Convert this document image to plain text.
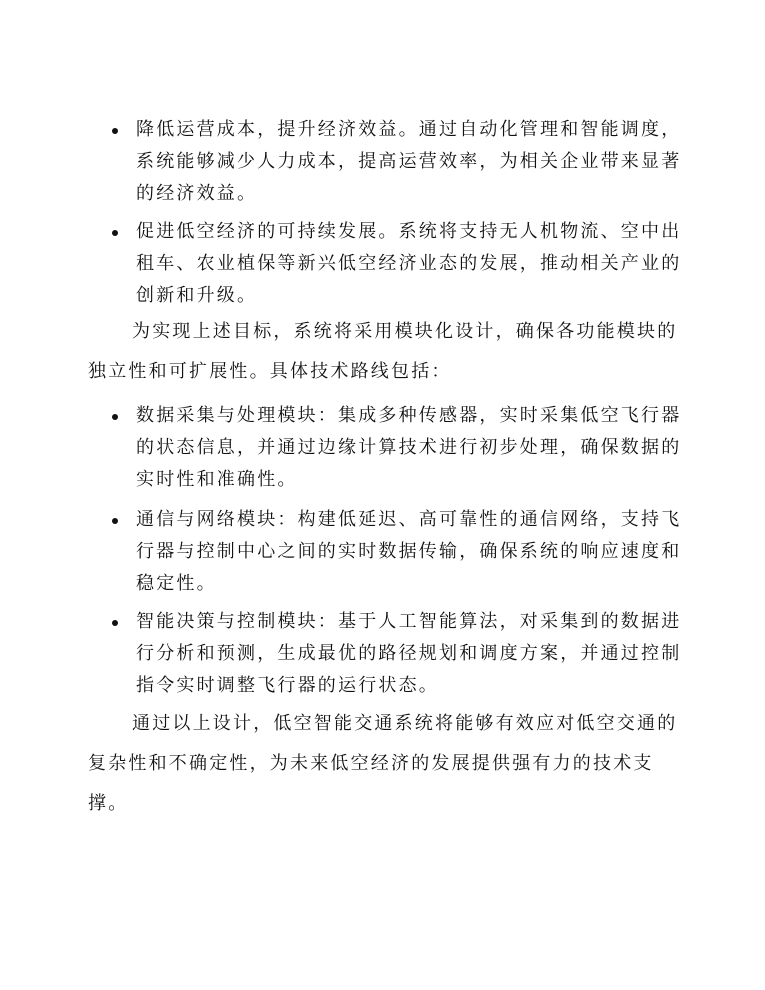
降低运营成本，提升经济效益。通过自动化管理和智能调度，系统能够减少人力成本，提高运营效率，为相关企业带来显著的经济效益。
促进低空经济的可持续发展。系统将支持无人机物流、空中出租车、农业植保等新兴低空经济业态的发展，推动相关产业的创新和升级。
为实现上述目标，系统将采用模块化设计，确保各功能模块的独立性和可扩展性。具体技术路线包括：
数据采集与处理模块：集成多种传感器，实时采集低空飞行器的状态信息，并通过边缘计算技术进行初步处理，确保数据的实时性和准确性。
通信与网络模块：构建低延迟、高可靠性的通信网络，支持飞行器与控制中心之间的实时数据传输，确保系统的响应速度和稳定性。
智能决策与控制模块：基于人工智能算法，对采集到的数据进行分析和预测，生成最优的路径规划和调度方案，并通过控制指令实时调整飞行器的运行状态。
通过以上设计，低空智能交通系统将能够有效应对低空交通的复杂性和不确定性，为未来低空经济的发展提供强有力的技术支撑。
